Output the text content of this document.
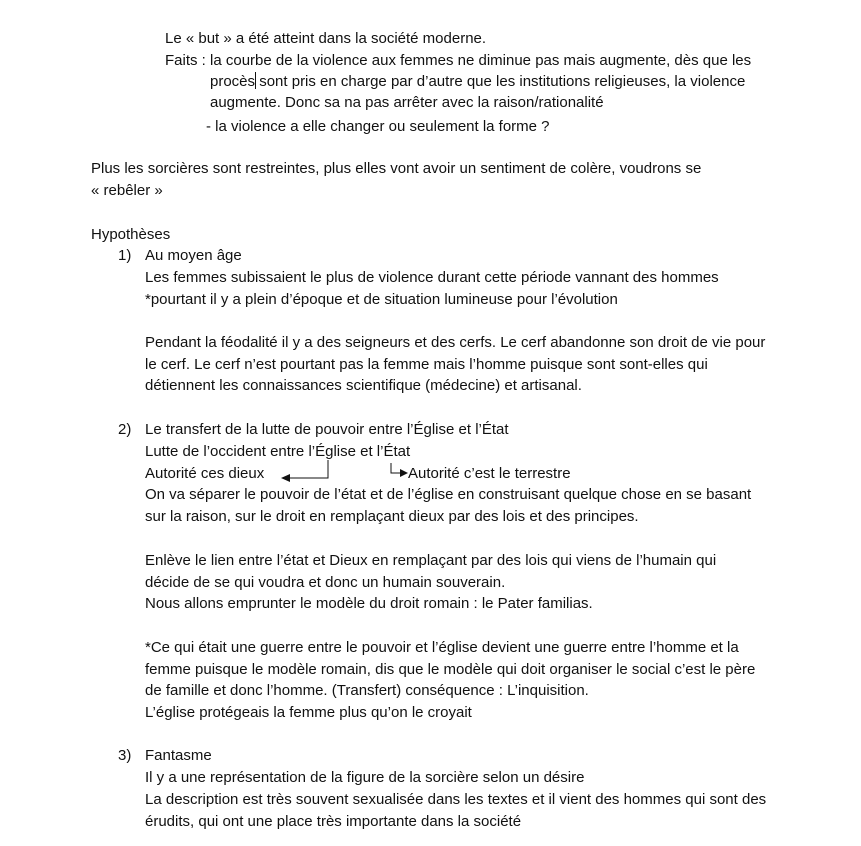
Le « but » a été atteint dans la société moderne.
Faits : la courbe de la violence aux femmes ne diminue pas mais augmente, dès que les
procès sont pris en charge par d’autre que les institutions religieuses, la violence
augmente. Donc sa na pas arrêter avec la raison/rationalité
- la violence a elle changer ou seulement la forme ?
Plus les sorcières sont restreintes, plus elles vont avoir un sentiment de colère, voudrons se
« rebêler »
Hypothèses
1) Au moyen âge
Les femmes subissaient le plus de violence durant cette période vannant des hommes
*pourtant il y a plein d’époque et de situation lumineuse pour l’évolution
Pendant la féodalité il y a des seigneurs et des cerfs. Le cerf abandonne son droit de vie pour
le cerf. Le cerf n’est pourtant pas la femme mais l’homme puisque sont sont-elles qui
détiennent les connaissances scientifique (médecine) et artisanal.
2) Le transfert de la lutte de pouvoir entre l’Église et l’État
Lutte de l’occident entre l’Église et l’État
Autorité ces dieux	Autorité c’est le terrestre
On va séparer le pouvoir de l’état et de l’église en construisant quelque chose en se basant
sur la raison, sur le droit en remplaçant dieux par des lois et des principes.
Enlève le lien entre l’état et Dieux en remplaçant par des lois qui viens de l’humain qui
décide de se qui voudra et donc un humain souverain.
Nous allons emprunter le modèle du droit romain : le Pater familias.
*Ce qui était une guerre entre le pouvoir et l’église devient une guerre entre l’homme et la
femme puisque le modèle romain, dis que le modèle qui doit organiser le social c’est le père
de famille et donc l’homme. (Transfert) conséquence : L’inquisition.
L’église protégeais la femme plus qu’on le croyait
3) Fantasme
Il y a une représentation de la figure de la sorcière selon un désire
La description est très souvent sexualisée dans les textes et il vient des hommes qui sont des
érudits, qui ont une place très importante dans la société
